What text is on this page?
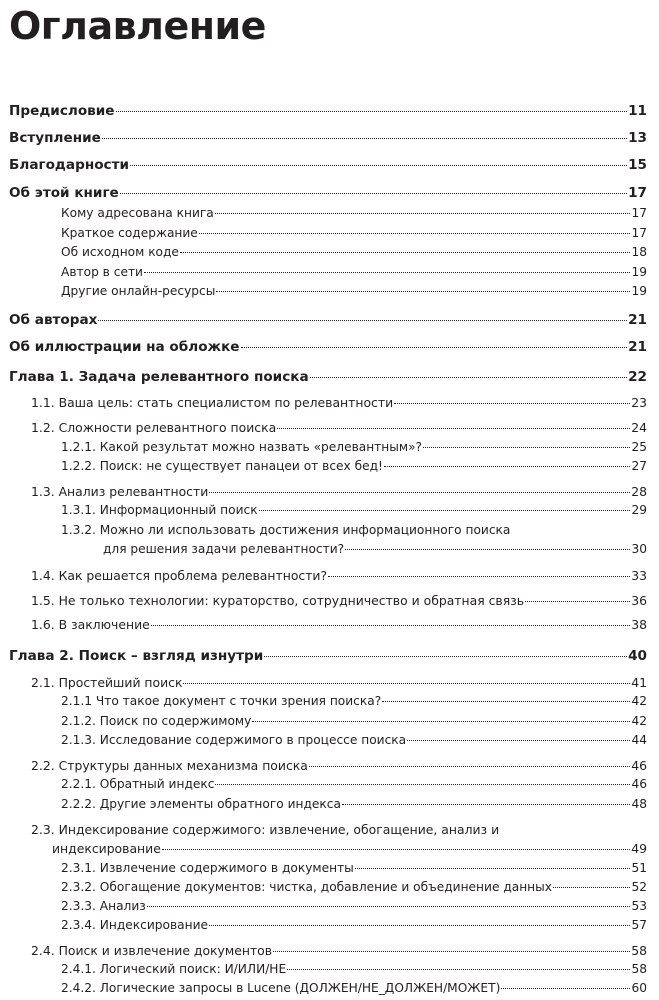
Оглавление
Предисловие	11
Вступление	13
Благодарности	15
Об этой книге	17
Кому адресована книга	17
Краткое содержание	17
Об исходном коде	18
Автор в сети	19
Другие онлайн-ресурсы	19
Об авторах	21
Об иллюстрации на обложке	21
Глава 1. Задача релевантного поиска	22
1.1. Ваша цель: стать специалистом по релевантности	23
1.2. Сложности релевантного поиска	24
1.2.1. Какой результат можно назвать «релевантным»?	25
1.2.2. Поиск: не существует панацеи от всех бед!	27
1.3. Анализ релевантности	28
1.3.1. Информационный поиск	29
1.3.2. Можно ли использовать достижения информационного поиска
для решения задачи релевантности?	30
1.4. Как решается проблема релевантности?	33
1.5. Не только технологии: кураторство, сотрудничество и обратная связь	36
1.6. В заключение	38
Глава 2. Поиск – взгляд изнутри	40
2.1. Простейший поиск	41
2.1.1 Что такое документ с точки зрения поиска?	42
2.1.2. Поиск по содержимому	42
2.1.3. Исследование содержимого в процессе поиска	44
2.2. Структуры данных механизма поиска	46
2.2.1. Обратный индекс	46
2.2.2. Другие элементы обратного индекса	48
2.3. Индексирование содержимого: извлечение, обогащение, анализ и
индексирование	49
2.3.1. Извлечение содержимого в документы	51
2.3.2. Обогащение документов: чистка, добавление и объединение данных	52
2.3.3. Анализ	53
2.3.4. Индексирование	57
2.4. Поиск и извлечение документов	58
2.4.1. Логический поиск: И/ИЛИ/НЕ	58
2.4.2. Логические запросы в Lucene (ДОЛЖЕН/НЕ_ДОЛЖЕН/МОЖЕТ)	60
